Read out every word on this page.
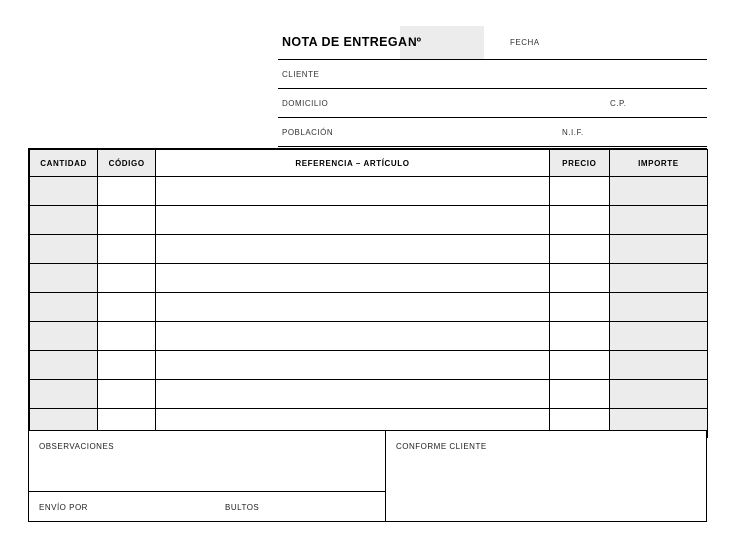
NOTA DE ENTREGA Nº	FECHA
CLIENTE
DOMICILIO	C.P.
POBLACIÓN	N.I.F.
CANTIDAD	CÓDIGO	REFERENCIA – ARTÍCULO	PRECIO	IMPORTE

OBSERVACIONES
ENVÍO POR	BULTOS
CONFORME CLIENTE
